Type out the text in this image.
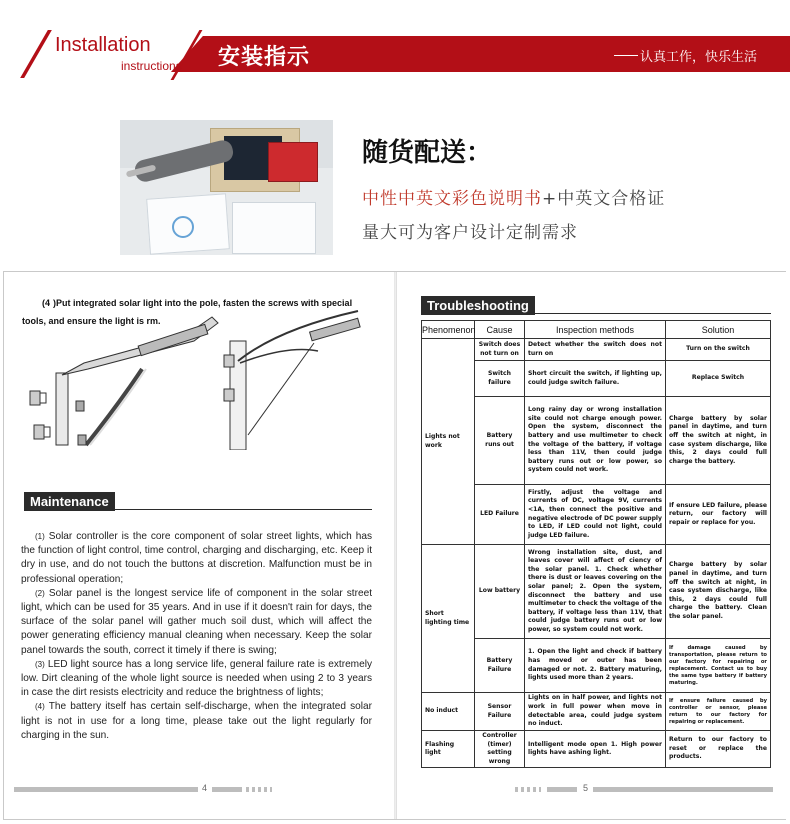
Installation
instructions 安装指示	认真工作，快乐生活
随货配送：
中性中英文彩色说明书+中英文合格证
量大可为客户设计定制需求
(4 )Put integrated solar light into the pole, fasten the screws with special tools, and ensure the light is rm.
Maintenance

(1) Solar controller is the core component of solar street lights, which has the function of light control, time control, charging and discharging, etc. Keep it dry in use, and do not touch the buttons at discretion. Malfunction must be in professional operation;

(2) Solar panel is the longest service life of component in the solar street light, which can be used for 35 years. And in use if it doesn't rain for days, the surface of the solar panel will gather much soil dust, which will affect the power generating efficiency manual cleaning when necessary. Keep the solar panel towards the south, correct it timely if there is swing;

(3) LED light source has a long service life, general failure rate is extremely low. Dirt cleaning of the whole light source is needed when using 2 to 3 years in case the dirt resists electricity and reduce the brightness of lights;

(4) The battery itself has certain self-discharge, when the integrated solar light is not in use for a long time, please take out the light regularly for charging in the sun.

4
Troubleshooting
Phenomenon	Cause	Inspection methods	Solution
Lights not work	Switch does not turn on	Detect whether the switch does not turn on	Turn on the switch
	Switch failure	Short circuit the switch, if lighting up, could judge switch failure.	Replace Switch
	Battery runs out	Long rainy day or wrong installation site could not charge enough power. Open the system, disconnect the battery and use multimeter to check the voltage of the battery, if voltage less than 11V, then could judge battery runs out or low power, so system could not work.	Charge battery by solar panel in daytime, and turn off the switch at night, in case system discharge, like this, 2 days could full charge the battery.
	LED Failure	Firstly, adjust the voltage and currents of DC, voltage 9V, currents <1A, then connect the positive and negative electrode of DC power supply to LED, if LED could not light, could judge LED failure.	If ensure LED failure, please return, our factory will repair or replace for you.
Short lighting time	Low battery	Wrong installation site, dust, and leaves cover will affect of ciency of the solar panel. 1. Check whether there is dust or leaves covering on the solar panel; 2. Open the system, disconnect the battery and use multimeter to check the voltage of the battery, if voltage less than 11V, that could judge battery runs out or low power, so system could not work.	Charge battery by solar panel in daytime, and turn off the switch at night, in case system discharge, like this, 2 days could full charge the battery. Clean the solar panel.
	Battery Failure	1. Open the light and check if battery has moved or outer has been damaged or not. 2. Battery maturing, lights used more than 2 years.	If damage caused by transportation, please return to our factory for repairing or replacement. Contact us to buy the same type battery if battery maturing.
No induct	Sensor Failure	Lights on in half power, and lights not work in full power when move in detectable area, could judge system no induct.	If ensure failure caused by controller or sensor, please return to our factory for repairing or replacement.
Flashing light	Controller (timer) setting wrong	Intelligent mode open 1. High power lights have ashing light.	Return to our factory to reset or replace the products.
5
